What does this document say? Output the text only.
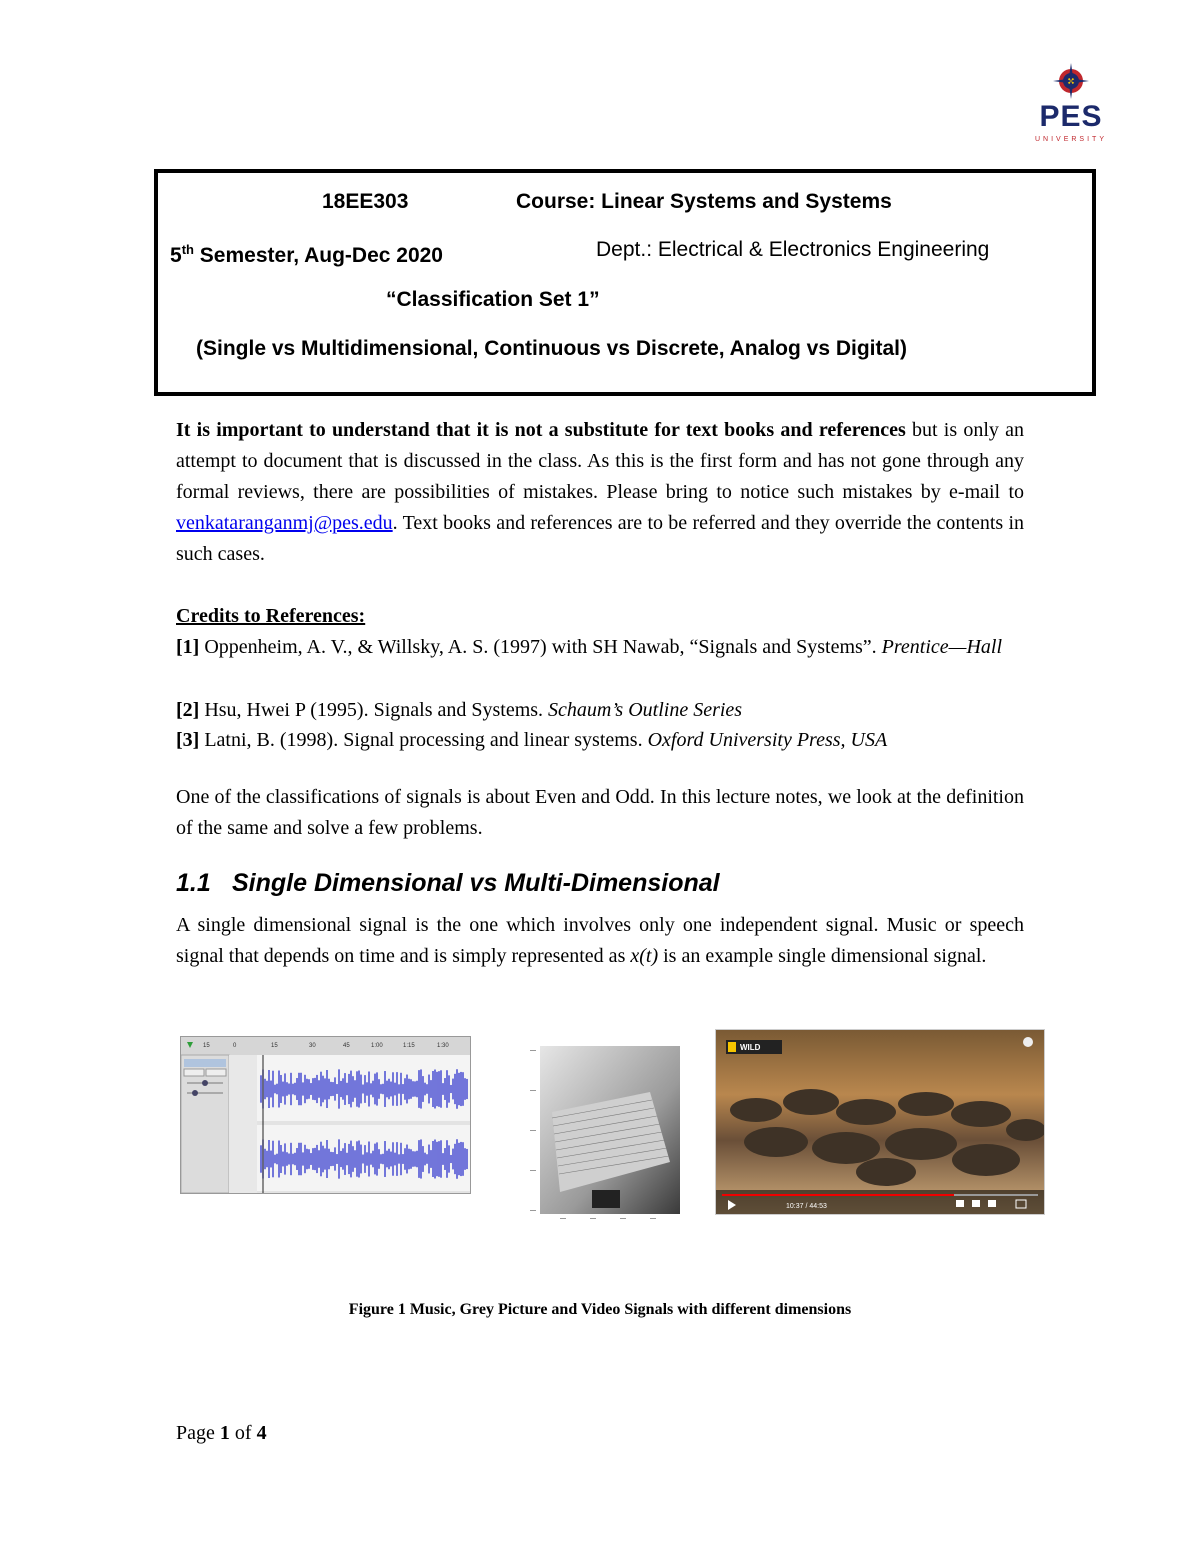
PES
UNIVERSITY
18EE303	Course: Linear Systems and Systems
5th Semester, Aug-Dec 2020	Dept.: Electrical & Electronics Engineering
“Classification Set 1”
(Single vs Multidimensional, Continuous vs Discrete, Analog vs Digital)
It is important to understand that it is not a substitute for text books and references but is only an attempt to document that is discussed in the class. As this is the first form and has not gone through any formal reviews, there are possibilities of mistakes. Please bring to notice such mistakes by e-mail to venkataranganmj@pes.edu. Text books and references are to be referred and they override the contents in such cases.
Credits to References:
[1] Oppenheim, A. V., & Willsky, A. S. (1997) with SH Nawab, “Signals and Systems”. Prentice—Hall
[2] Hsu, Hwei P (1995). Signals and Systems. Schaum’s Outline Series
[3] Latni, B. (1998). Signal processing and linear systems. Oxford University Press, USA
One of the classifications of signals is about Even and Odd. In this lecture notes, we look at the definition of the same and solve a few problems.
1.1 Single Dimensional vs Multi-Dimensional
A single dimensional signal is the one which involves only one independent signal. Music or speech signal that depends on time and is simply represented as x(t) is an example single dimensional signal.
15	0	15	30	45	1:00	1:15	1:30	WILD
10:37 / 44:53
Figure 1 Music, Grey Picture and Video Signals with different dimensions
Page 1 of 4
